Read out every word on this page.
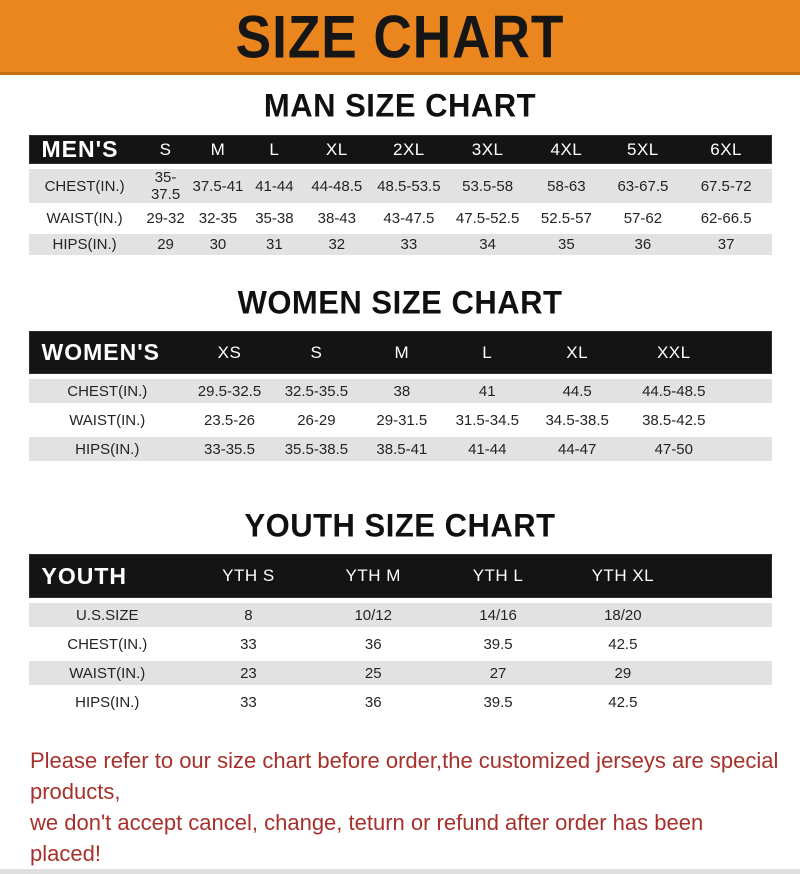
SIZE CHART
MAN SIZE CHART
MEN'S	S	M	L	XL	2XL	3XL	4XL	5XL	6XL
CHEST(IN.)	35-37.5	37.5-41	41-44	44-48.5	48.5-53.5	53.5-58	58-63	63-67.5	67.5-72
WAIST(IN.)	29-32	32-35	35-38	38-43	43-47.5	47.5-52.5	52.5-57	57-62	62-66.5
HIPS(IN.)	29	30	31	32	33	34	35	36	37
WOMEN SIZE CHART
WOMEN'S	XS	S	M	L	XL	XXL	
CHEST(IN.)	29.5-32.5	32.5-35.5	38	41	44.5	44.5-48.5	
WAIST(IN.)	23.5-26	26-29	29-31.5	31.5-34.5	34.5-38.5	38.5-42.5	
HIPS(IN.)	33-35.5	35.5-38.5	38.5-41	41-44	44-47	47-50	
YOUTH SIZE CHART
YOUTH	YTH S	YTH M	YTH L	YTH XL	
U.S.SIZE	8	10/12	14/16	18/20	
CHEST(IN.)	33	36	39.5	42.5	
WAIST(IN.)	23	25	27	29	
HIPS(IN.)	33	36	39.5	42.5	

Please refer to our size chart before order,the customized jerseys are special products,

we don't accept cancel, change, teturn or refund after order has been placed!
